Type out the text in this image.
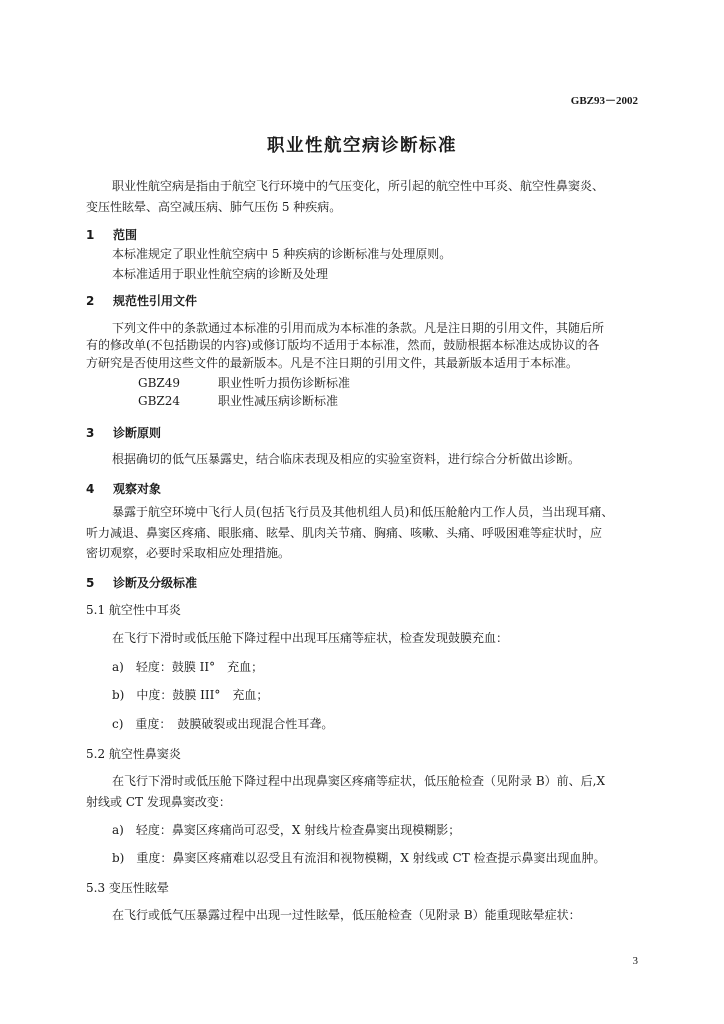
GBZ93－2002
职业性航空病诊断标准
职业性航空病是指由于航空飞行环境中的气压变化，所引起的航空性中耳炎、航空性鼻窦炎、
变压性眩晕、高空减压病、肺气压伤 5 种疾病。
1 范围
本标准规定了职业性航空病中 5 种疾病的诊断标准与处理原则。
本标准适用于职业性航空病的诊断及处理
2 规范性引用文件
下列文件中的条款通过本标准的引用而成为本标准的条款。凡是注日期的引用文件，其随后所
有的修改单(不包括勘误的内容)或修订版均不适用于本标准，然而，鼓励根据本标准达成协议的各
方研究是否使用这些文件的最新版本。凡是不注日期的引用文件，其最新版本适用于本标准。
GBZ49	职业性听力损伤诊断标准
GBZ24	职业性减压病诊断标准
3 诊断原则
根据确切的低气压暴露史，结合临床表现及相应的实验室资料，进行综合分析做出诊断。
4 观察对象
暴露于航空环境中飞行人员(包括飞行员及其他机组人员)和低压舱舱内工作人员，当出现耳痛、
听力减退、鼻窦区疼痛、眼胀痛、眩晕、肌肉关节痛、胸痛、咳嗽、头痛、呼吸困难等症状时，应
密切观察，必要时采取相应处理措施。
5 诊断及分级标准
5.1 航空性中耳炎
在飞行下滑时或低压舱下降过程中出现耳压痛等症状，检查发现鼓膜充血：
a)　轻度：鼓膜 II°　充血；
b)　中度：鼓膜 III°　充血；
c)　重度：　鼓膜破裂或出现混合性耳聋。
5.2 航空性鼻窦炎
在飞行下滑时或低压舱下降过程中出现鼻窦区疼痛等症状，低压舱检查（见附录 B）前、后,X
射线或 CT 发现鼻窦改变：
a)　轻度：鼻窦区疼痛尚可忍受，X 射线片检查鼻窦出现模糊影；
b)　重度：鼻窦区疼痛难以忍受且有流泪和视物模糊，X 射线或 CT 检查提示鼻窦出现血肿。
5.3 变压性眩晕
在飞行或低气压暴露过程中出现一过性眩晕，低压舱检查（见附录 B）能重现眩晕症状：
3
